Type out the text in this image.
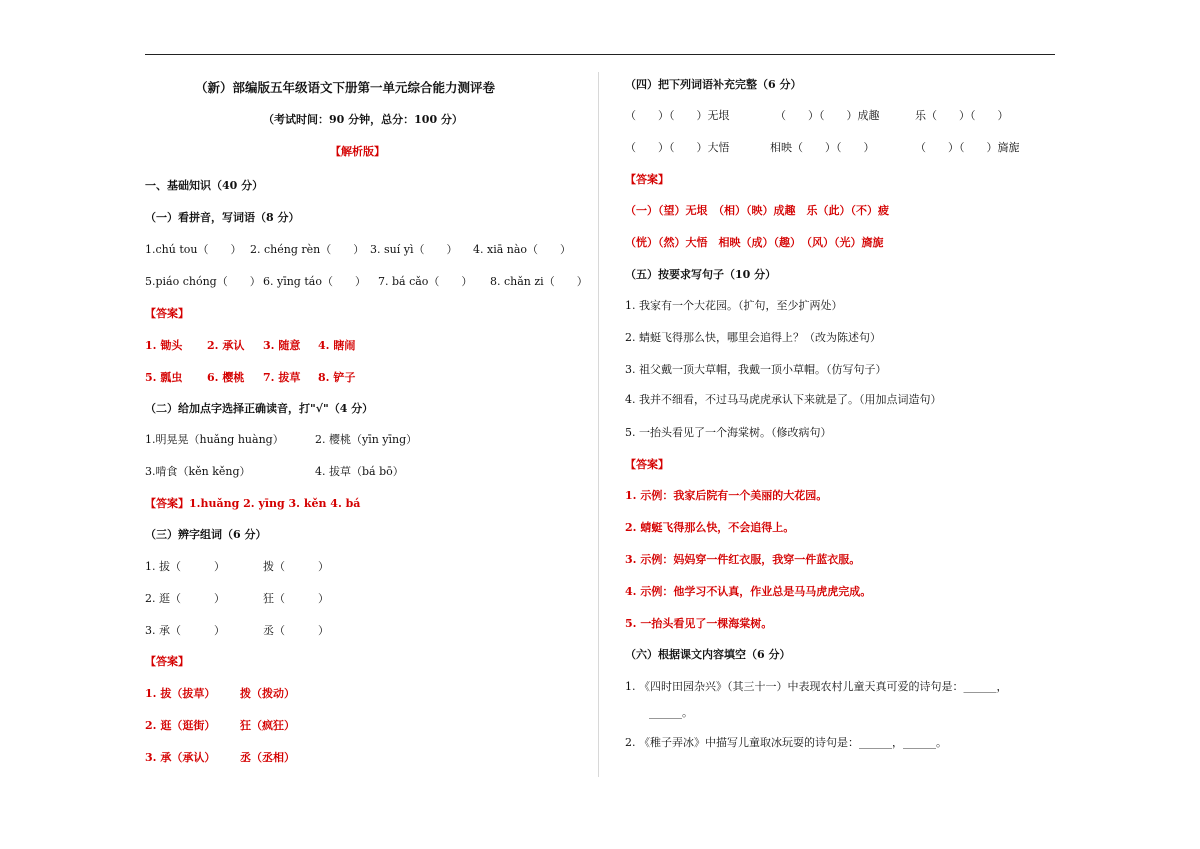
（新）部编版五年级语文下册第一单元综合能力测评卷
（考试时间：90 分钟，总分：100 分）
【解析版】
一、基础知识（40 分）
（一）看拼音，写词语（8 分）
1.chú tou（　　） 2. chéng rèn（　　） 3. suí yì（　　） 4. xiā nào（　　）
5.piáo chóng（　　） 6. yīng táo（　　） 7. bá cǎo（　　） 8. chǎn zi（　　）
【答案】
1. 锄头 2. 承认 3. 随意 4. 瞎闹
5. 瓢虫 6. 樱桃 7. 拔草 8. 铲子
（二）给加点字选择正确读音，打"√"（4 分）
1.明晃晃（huǎng huàng）	2. 樱桃（yīn yīng）
3.啃食（kěn kěng）	4. 拔草（bá bō）
【答案】1.huǎng 2. yīng 3. kěn 4. bá
（三）辨字组词（6 分）
1. 拔（　　　）	拨（　　　）
2. 逛（　　　）	狂（　　　）
3. 承（　　　）	丞（　　　）
【答案】
1. 拔（拔草） 拨（拨动）
2. 逛（逛街） 狂（疯狂）
3. 承（承认） 丞（丞相）
（四）把下列词语补充完整（6 分）
（　　）（　　）无垠	（　　）（　　）成趣	乐（　　）（　　）
（　　）（　　）大悟	相映（　　）（　　）	（　　）（　　）旖旎
【答案】
（一）（望）无垠　（相）（映）成趣　乐（此）（不）疲
（恍）（然）大悟　相映（成）（趣）　（风）（光）旖旎
（五）按要求写句子（10 分）
1. 我家有一个大花园。（扩句，至少扩两处）
2. 蜻蜓飞得那么快，哪里会追得上？（改为陈述句）
3. 祖父戴一顶大草帽，我戴一顶小草帽。（仿写句子）
4. 我并不细看，不过马马虎虎 · · · ·承认下来就是了。（用加点词造句）
5. 一抬头看见了一个海棠树。（修改病句）
【答案】
1. 示例：我家后院有一个美丽的大花园。
2. 蜻蜓飞得那么快，不会追得上。
3. 示例：妈妈穿一件红衣服，我穿一件蓝衣服。
4. 示例：他学习不认真，作业总是马马虎虎完成。
5. 一抬头看见了一棵海棠树。
（六）根据课文内容填空（6 分）
1. 《四时田园杂兴》（其三十一）中表现农村儿童天真可爱的诗句是：______，
______。
2. 《稚子弄冰》中描写儿童取冰玩耍的诗句是：______，______。
